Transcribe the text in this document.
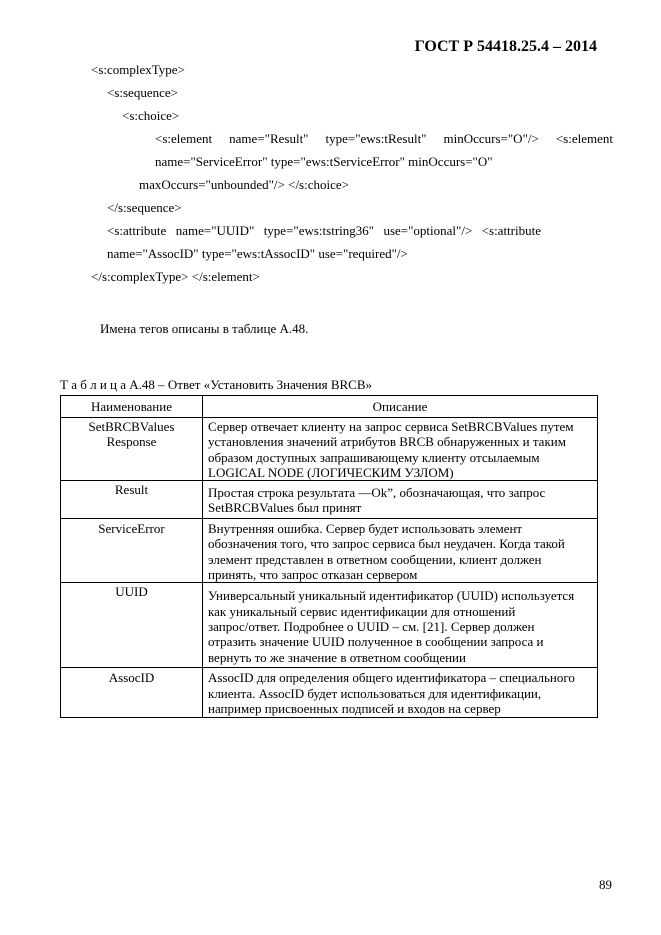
ГОСТ Р 54418.25.4 – 2014
<s:complexType>
<s:sequence>
<s:choice>
<s:element name="Result" type="ews:tResult" minOccurs="O"/> <s:element
name="ServiceError" type="ews:tServiceError" minOccurs="O"
maxOccurs="unbounded"/> </s:choice>
</s:sequence>
<s:attribute name="UUID" type="ews:tstring36" use="optional"/> <s:attribute
name="AssocID" type="ews:tAssocID" use="required"/>
</s:complexType> </s:element>
Имена тегов описаны в таблице А.48.
Т а б л и ц а А.48 – Ответ «Установить Значения BRCB»
Наименование	Описание

SetBRCBValues
Response	Сервер отвечает клиенту на запрос сервиса SetBRCBValues путем
установления значений атрибутов BRCB обнаруженных и таким
образом доступных запрашивающему клиенту отсылаемым
LOGICAL NODE (ЛОГИЧЕСКИМ УЗЛОМ)

Result	Простая строка результата ―Ok”, обозначающая, что запрос
SetBRCBValues был принят

ServiceError	Внутренняя ошибка. Сервер будет использовать элемент
обозначения того, что запрос сервиса был неудачен. Когда такой
элемент представлен в ответном сообщении, клиент должен
принять, что запрос отказан сервером

UUID	Универсальный уникальный идентификатор (UUID) используется
как уникальный сервис идентификации для отношений
запрос/ответ. Подробнее о UUID – см. [21]. Сервер должен
отразить значение UUID полученное в сообщении запроса и
вернуть то же значение в ответном сообщении

AssocID	AssocID для определения общего идентификатора – специального
клиента. AssocID будет использоваться для идентификации,
например присвоенных подписей и входов на сервер
89
